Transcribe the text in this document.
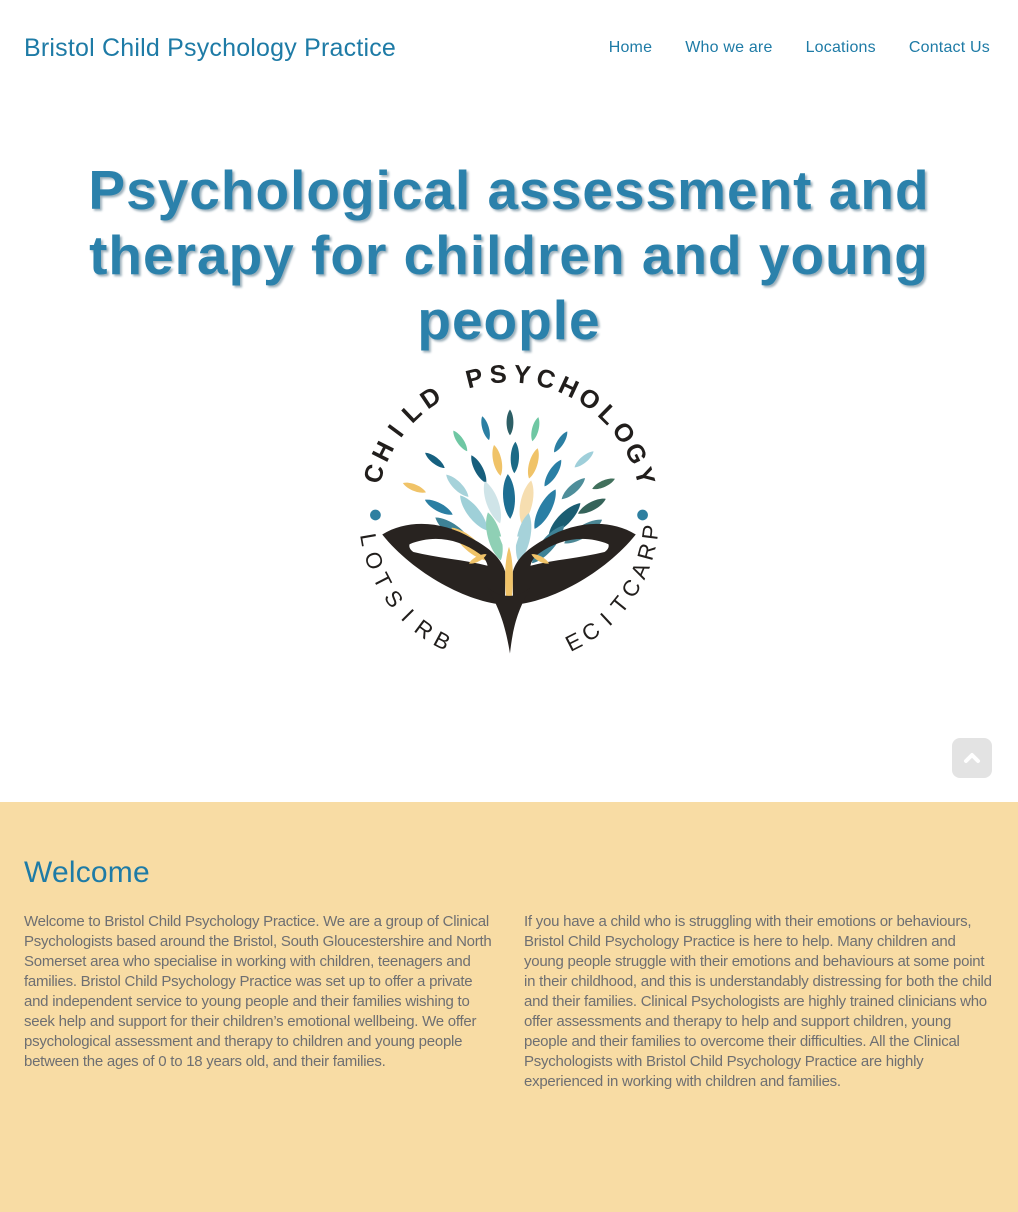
Bristol Child Psychology Practice	Home Who we are Locations Contact Us
Psychological assessment and
therapy for children and young
people
C
H
I
L
D
P S Y C
H
O
L
O
G
Y
B
R
I
S
T
O
L	P
R
A
C
T
I
C
E
Welcome

Welcome to Bristol Child Psychology Practice. We are a group of Clinical Psychologists based around the Bristol, South Gloucestershire and North Somerset area who specialise in working with children, teenagers and families. Bristol Child Psychology Practice was set up to offer a private and independent service to young people and their families wishing to seek help and support for their children’s emotional wellbeing. We offer psychological assessment and therapy to children and young people between the ages of 0 to 18 years old, and their families.

If you have a child who is struggling with their emotions or behaviours, Bristol Child Psychology Practice is here to help. Many children and young people struggle with their emotions and behaviours at some point in their childhood, and this is understandably distressing for both the child and their families. Clinical Psychologists are highly trained clinicians who offer assessments and therapy to help and support children, young people and their families to overcome their difficulties. All the Clinical Psychologists with Bristol Child Psychology Practice are highly experienced in working with children and families.
